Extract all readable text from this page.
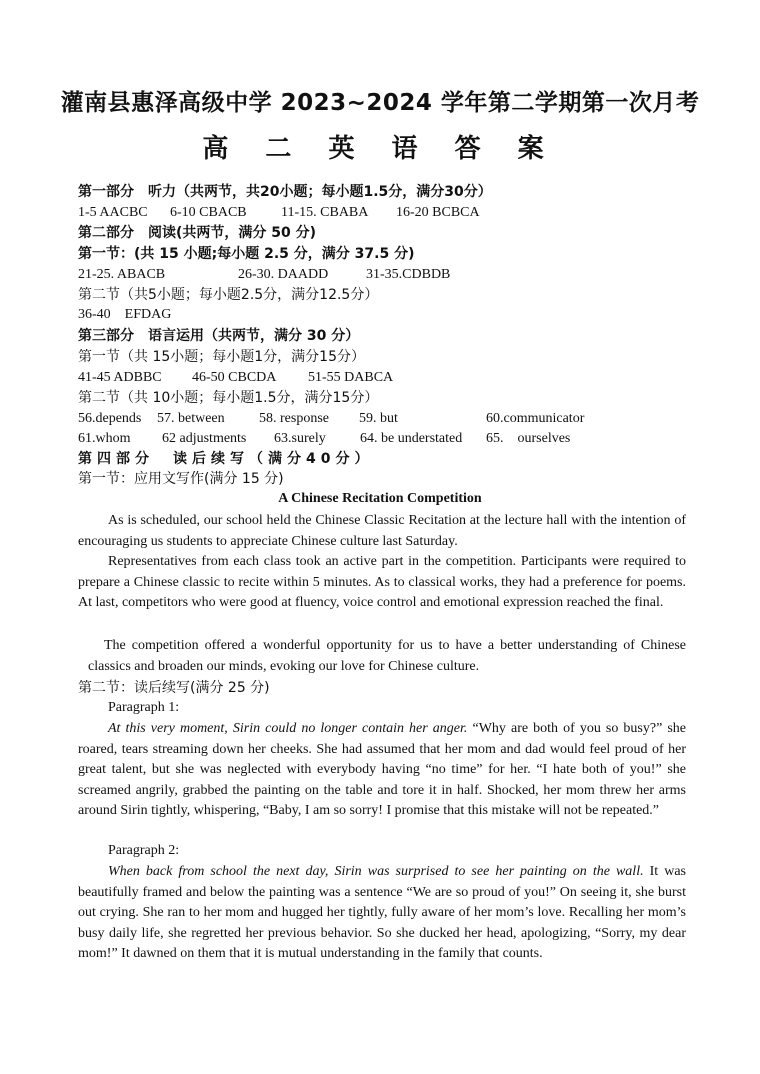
灌南县惠泽高级中学 2023~2024 学年第二学期第一次月考
高 二 英 语 答 案
第一部分　听力（共两节，共20小题；每小题1.5分，满分30分）
1-5 AACBC 6-10 CBACB 11-15. CBABA 16-20 BCBCA
第二部分　阅读(共两节，满分 50 分)
第一节：(共 15 小题;每小题 2.5 分，满分 37.5 分)
21-25. ABACB	26-30. DAADD	31-35.CDBDB
第二节（共5小题；每小题2.5分，满分12.5分）
36-40　EFDAG
第三部分　语言运用（共两节，满分 30 分）
第一节（共 15小题；每小题1分，满分15分）
41-45 ADBBC 46-50 CBCDA 51-55 DABCA
第二节（共 10小题；每小题1.5分，满分15分）
56.depends 57. between 58. response 59. but	60.communicator
61.whom 62 adjustments 63.surely 64. be understated 65.　ourselves
第四部分　读后续写（满分40分）
第一节：应用文写作(满分 15 分)
A Chinese Recitation Competition

As is scheduled, our school held the Chinese Classic Recitation at the lecture hall with the intention of encouraging us students to appreciate Chinese culture last Saturday.

Representatives from each class took an active part in the competition. Participants were required to prepare a Chinese classic to recite within 5 minutes. As to classical works, they had a preference for poems. At last, competitors who were good at fluency, voice control and emotional expression reached the final.

The competition offered a wonderful opportunity for us to have a better understanding of Chinese classics and broaden our minds, evoking our love for Chinese culture.

第二节：读后续写(满分 25 分)
Paragraph 1:

At this very moment, Sirin could no longer contain her anger. “Why are both of you so busy?” she roared, tears streaming down her cheeks. She had assumed that her mom and dad would feel proud of her great talent, but she was neglected with everybody having “no time” for her. “I hate both of you!” she screamed angrily, grabbed the painting on the table and tore it in half. Shocked, her mom threw her arms around Sirin tightly, whispering, “Baby, I am so sorry! I promise that this mistake will not be repeated.”

Paragraph 2:

When back from school the next day, Sirin was surprised to see her painting on the wall. It was beautifully framed and below the painting was a sentence “We are so proud of you!” On seeing it, she burst out crying. She ran to her mom and hugged her tightly, fully aware of her mom’s love. Recalling her mom’s busy daily life, she regretted her previous behavior. So she ducked her head, apologizing, “Sorry, my dear mom!” It dawned on them that it is mutual understanding in the family that counts.
